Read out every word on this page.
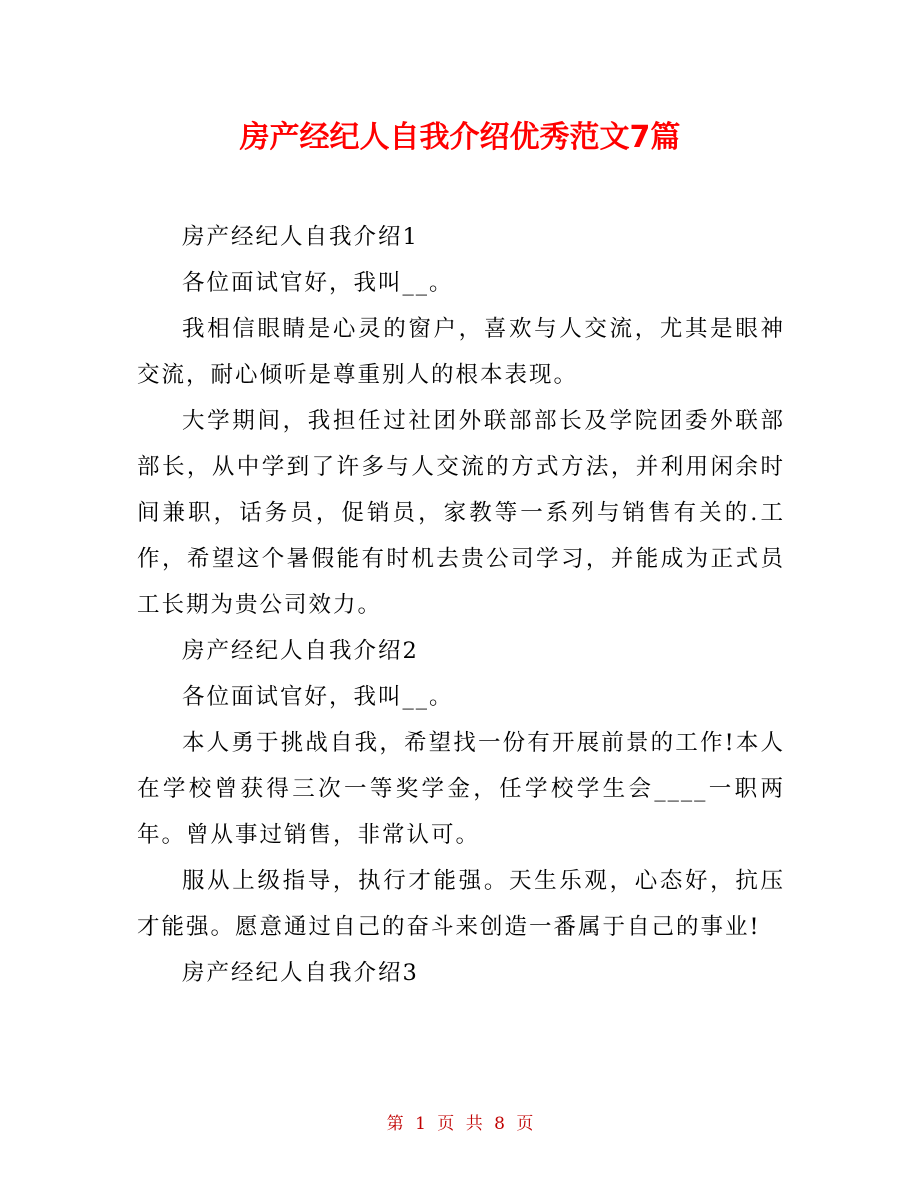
房产经纪人自我介绍优秀范文7篇

房产经纪人自我介绍1

各位面试官好，我叫__。

我相信眼睛是心灵的窗户，喜欢与人交流，尤其是眼神交流，耐心倾听是尊重别人的根本表现。

大学期间，我担任过社团外联部部长及学院团委外联部部长，从中学到了许多与人交流的方式方法，并利用闲余时间兼职，话务员，促销员，家教等一系列与销售有关的.工作，希望这个暑假能有时机去贵公司学习，并能成为正式员工长期为贵公司效力。

房产经纪人自我介绍2

各位面试官好，我叫__。

本人勇于挑战自我，希望找一份有开展前景的工作!本人在学校曾获得三次一等奖学金，任学校学生会____一职两年。曾从事过销售，非常认可。

服从上级指导，执行才能强。天生乐观，心态好，抗压才能强。愿意通过自己的奋斗来创造一番属于自己的事业!

房产经纪人自我介绍3

第 1 页 共 8 页
